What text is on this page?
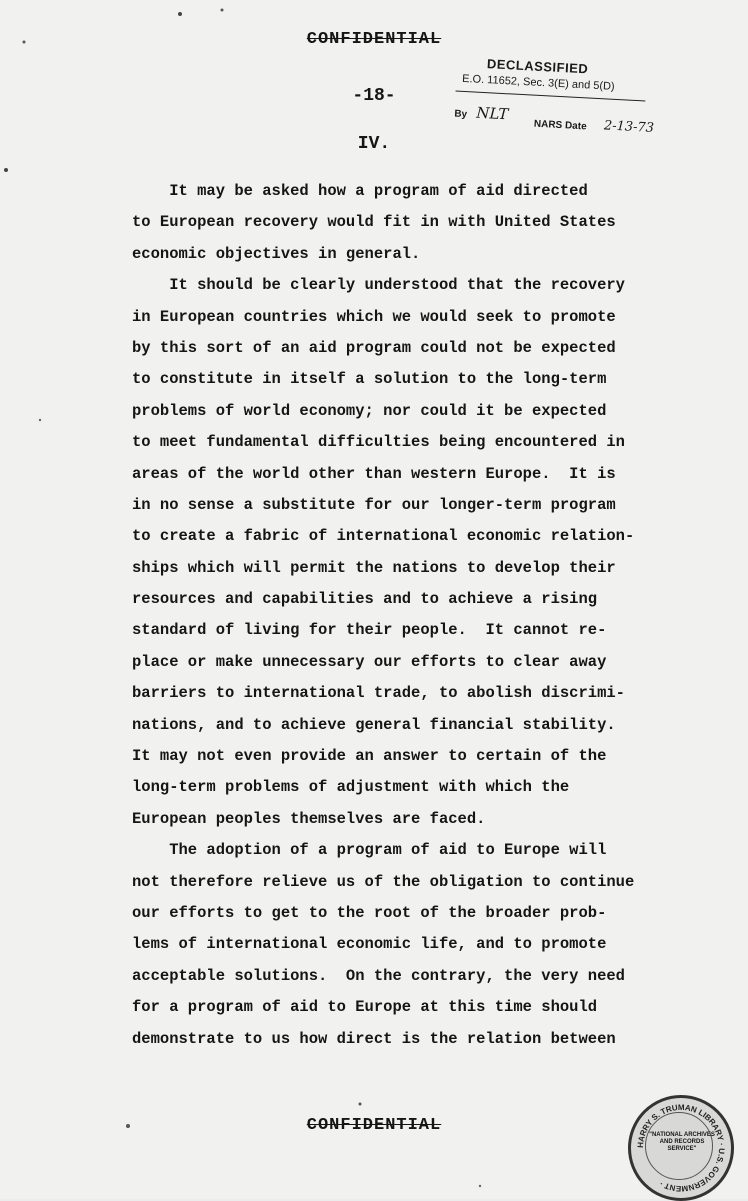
CONFIDENTIAL
-18-
IV.
DECLASSIFIED
E.O. 11652, Sec. 3(E) and 5(D)
By NLT
NARS Date 2-13-73
It may be asked how a program of aid directed
to European recovery would fit in with United States
economic objectives in general.
It should be clearly understood that the recovery
in European countries which we would seek to promote
by this sort of an aid program could not be expected
to constitute in itself a solution to the long-term
problems of world economy; nor could it be expected
to meet fundamental difficulties being encountered in
areas of the world other than western Europe.  It is
in no sense a substitute for our longer-term program
to create a fabric of international economic relation-
ships which will permit the nations to develop their
resources and capabilities and to achieve a rising
standard of living for their people.  It cannot re-
place or make unnecessary our efforts to clear away
barriers to international trade, to abolish discrimi-
nations, and to achieve general financial stability.
It may not even provide an answer to certain of the
long-term problems of adjustment with which the
European peoples themselves are faced.
The adoption of a program of aid to Europe will
not therefore relieve us of the obligation to continue
our efforts to get to the root of the broader prob-
lems of international economic life, and to promote
acceptable solutions.  On the contrary, the very need
for a program of aid to Europe at this time should
demonstrate to us how direct is the relation between
CONFIDENTIAL
HARRY S. TRUMAN LIBRARY · U.S. GOVERNMENT ·
"NATIONAL ARCHIVES AND RECORDS SERVICE"
